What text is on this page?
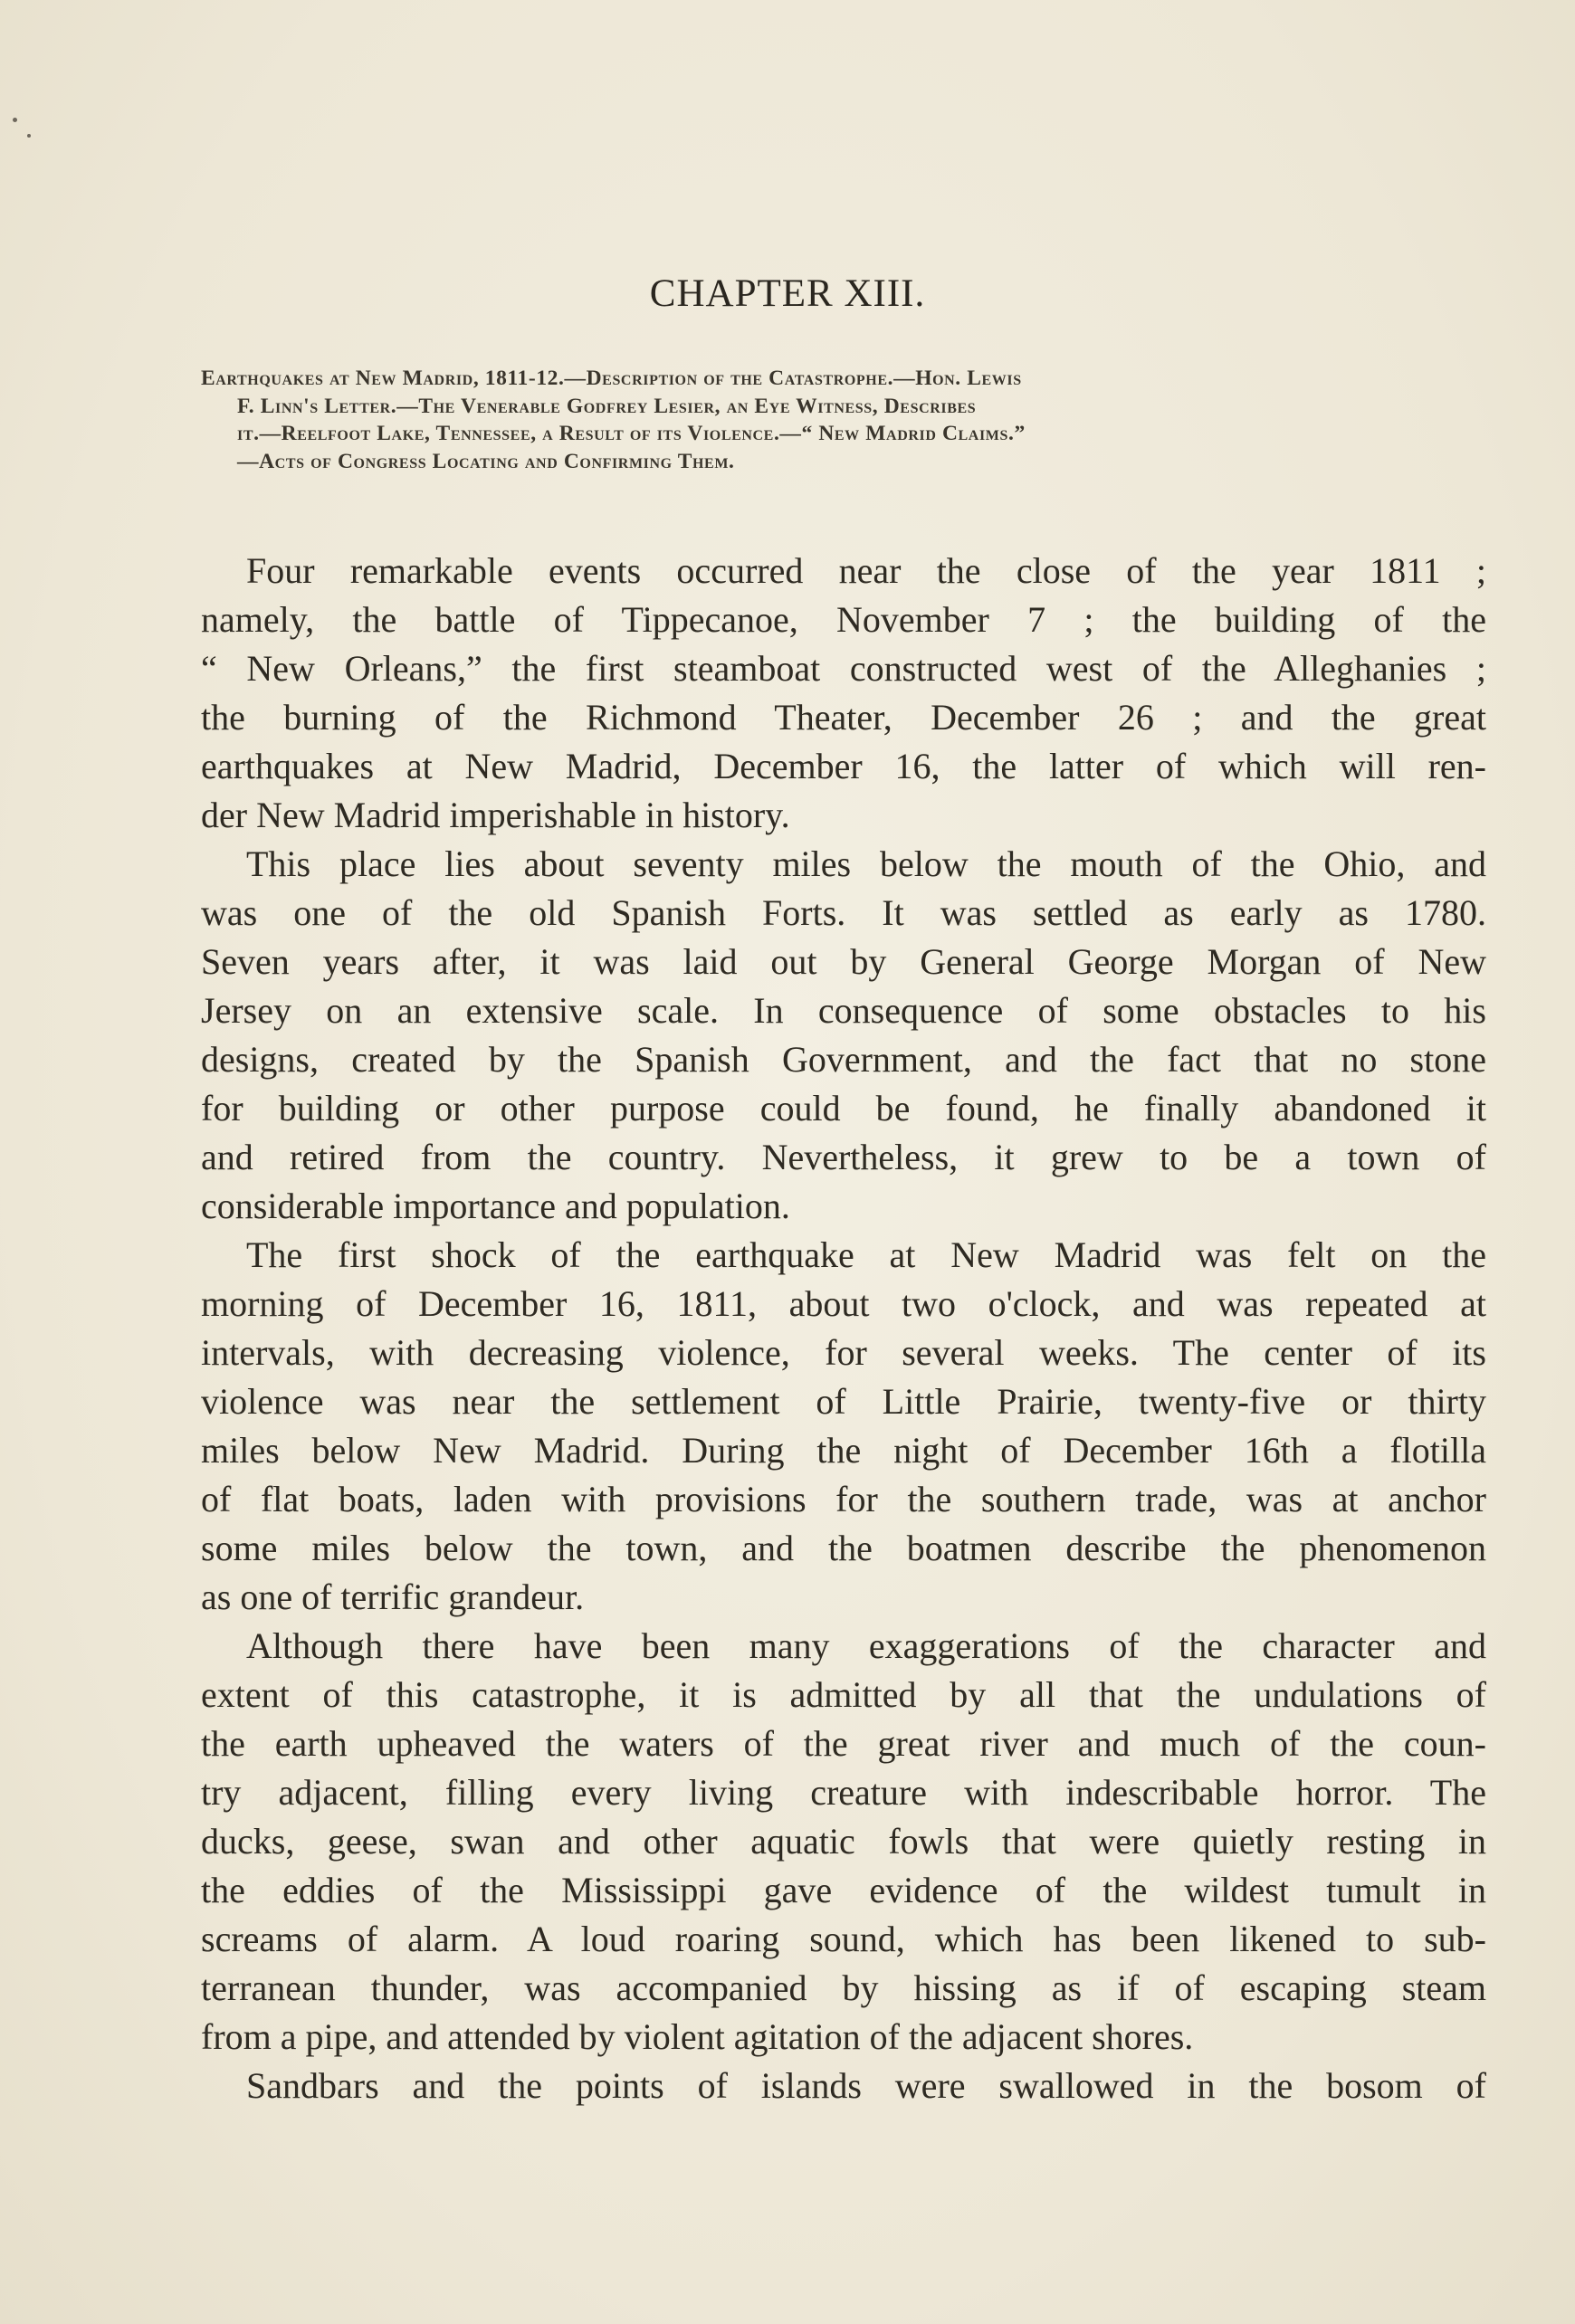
CHAPTER XIII.
Earthquakes at New Madrid, 1811-12.—Description of the Catastrophe.—Hon. Lewis
F. Linn's Letter.—The Venerable Godfrey Lesier, an Eye Witness, Describes
it.—Reelfoot Lake, Tennessee, a Result of its Violence.—“ New Madrid Claims.”
—Acts of Congress Locating and Confirming Them.
Four remarkable events occurred near the close of the year 1811 ;
namely, the battle of Tippecanoe, November 7 ; the building of the
“ New Orleans,” the first steamboat constructed west of the Alleghanies ;
the burning of the Richmond Theater, December 26 ; and the great
earthquakes at New Madrid, December 16, the latter of which will ren-
der New Madrid imperishable in history.
This place lies about seventy miles below the mouth of the Ohio, and
was one of the old Spanish Forts. It was settled as early as 1780.
Seven years after, it was laid out by General George Morgan of New
Jersey on an extensive scale. In consequence of some obstacles to his
designs, created by the Spanish Government, and the fact that no stone
for building or other purpose could be found, he finally abandoned it
and retired from the country. Nevertheless, it grew to be a town of
considerable importance and population.
The first shock of the earthquake at New Madrid was felt on the
morning of December 16, 1811, about two o'clock, and was repeated at
intervals, with decreasing violence, for several weeks. The center of its
violence was near the settlement of Little Prairie, twenty-five or thirty
miles below New Madrid. During the night of December 16th a flotilla
of flat boats, laden with provisions for the southern trade, was at anchor
some miles below the town, and the boatmen describe the phenomenon
as one of terrific grandeur.
Although there have been many exaggerations of the character and
extent of this catastrophe, it is admitted by all that the undulations of
the earth upheaved the waters of the great river and much of the coun-
try adjacent, filling every living creature with indescribable horror. The
ducks, geese, swan and other aquatic fowls that were quietly resting in
the eddies of the Mississippi gave evidence of the wildest tumult in
screams of alarm. A loud roaring sound, which has been likened to sub-
terranean thunder, was accompanied by hissing as if of escaping steam
from a pipe, and attended by violent agitation of the adjacent shores.
Sandbars and the points of islands were swallowed in the bosom of
